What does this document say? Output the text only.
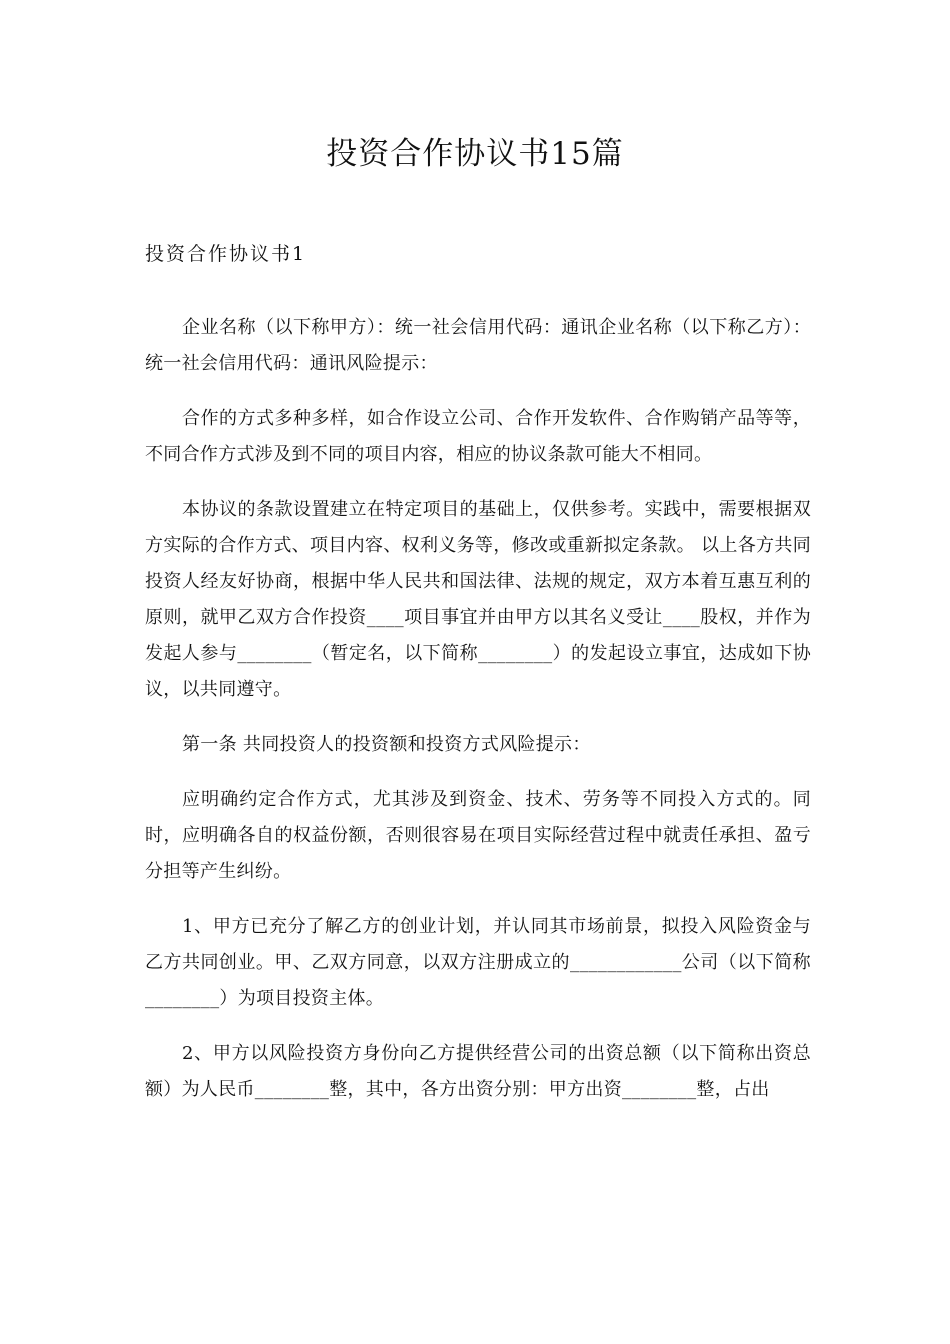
投资合作协议书15篇
投资合作协议书1

企业名称（以下称甲方）：统一社会信用代码：通讯企业名称（以下称乙方）：统一社会信用代码：通讯风险提示：

合作的方式多种多样，如合作设立公司、合作开发软件、合作购销产品等等，不同合作方式涉及到不同的项目内容，相应的协议条款可能大不相同。

本协议的条款设置建立在特定项目的基础上，仅供参考。实践中，需要根据双方实际的合作方式、项目内容、权利义务等，修改或重新拟定条款。 以上各方共同投资人经友好协商，根据中华人民共和国法律、法规的规定，双方本着互惠互利的原则，就甲乙双方合作投资____项目事宜并由甲方以其名义受让____股权，并作为发起人参与________（暂定名，以下简称________）的发起设立事宜，达成如下协议，以共同遵守。

第一条 共同投资人的投资额和投资方式风险提示：

应明确约定合作方式，尤其涉及到资金、技术、劳务等不同投入方式的。同时，应明确各自的权益份额，否则很容易在项目实际经营过程中就责任承担、盈亏分担等产生纠纷。

1、甲方已充分了解乙方的创业计划，并认同其市场前景，拟投入风险资金与乙方共同创业。甲、乙双方同意，以双方注册成立的____________公司（以下简称________）为项目投资主体。

2、甲方以风险投资方身份向乙方提供经营公司的出资总额（以下简称出资总额）为人民币________整，其中，各方出资分别：甲方出资________整，占出
